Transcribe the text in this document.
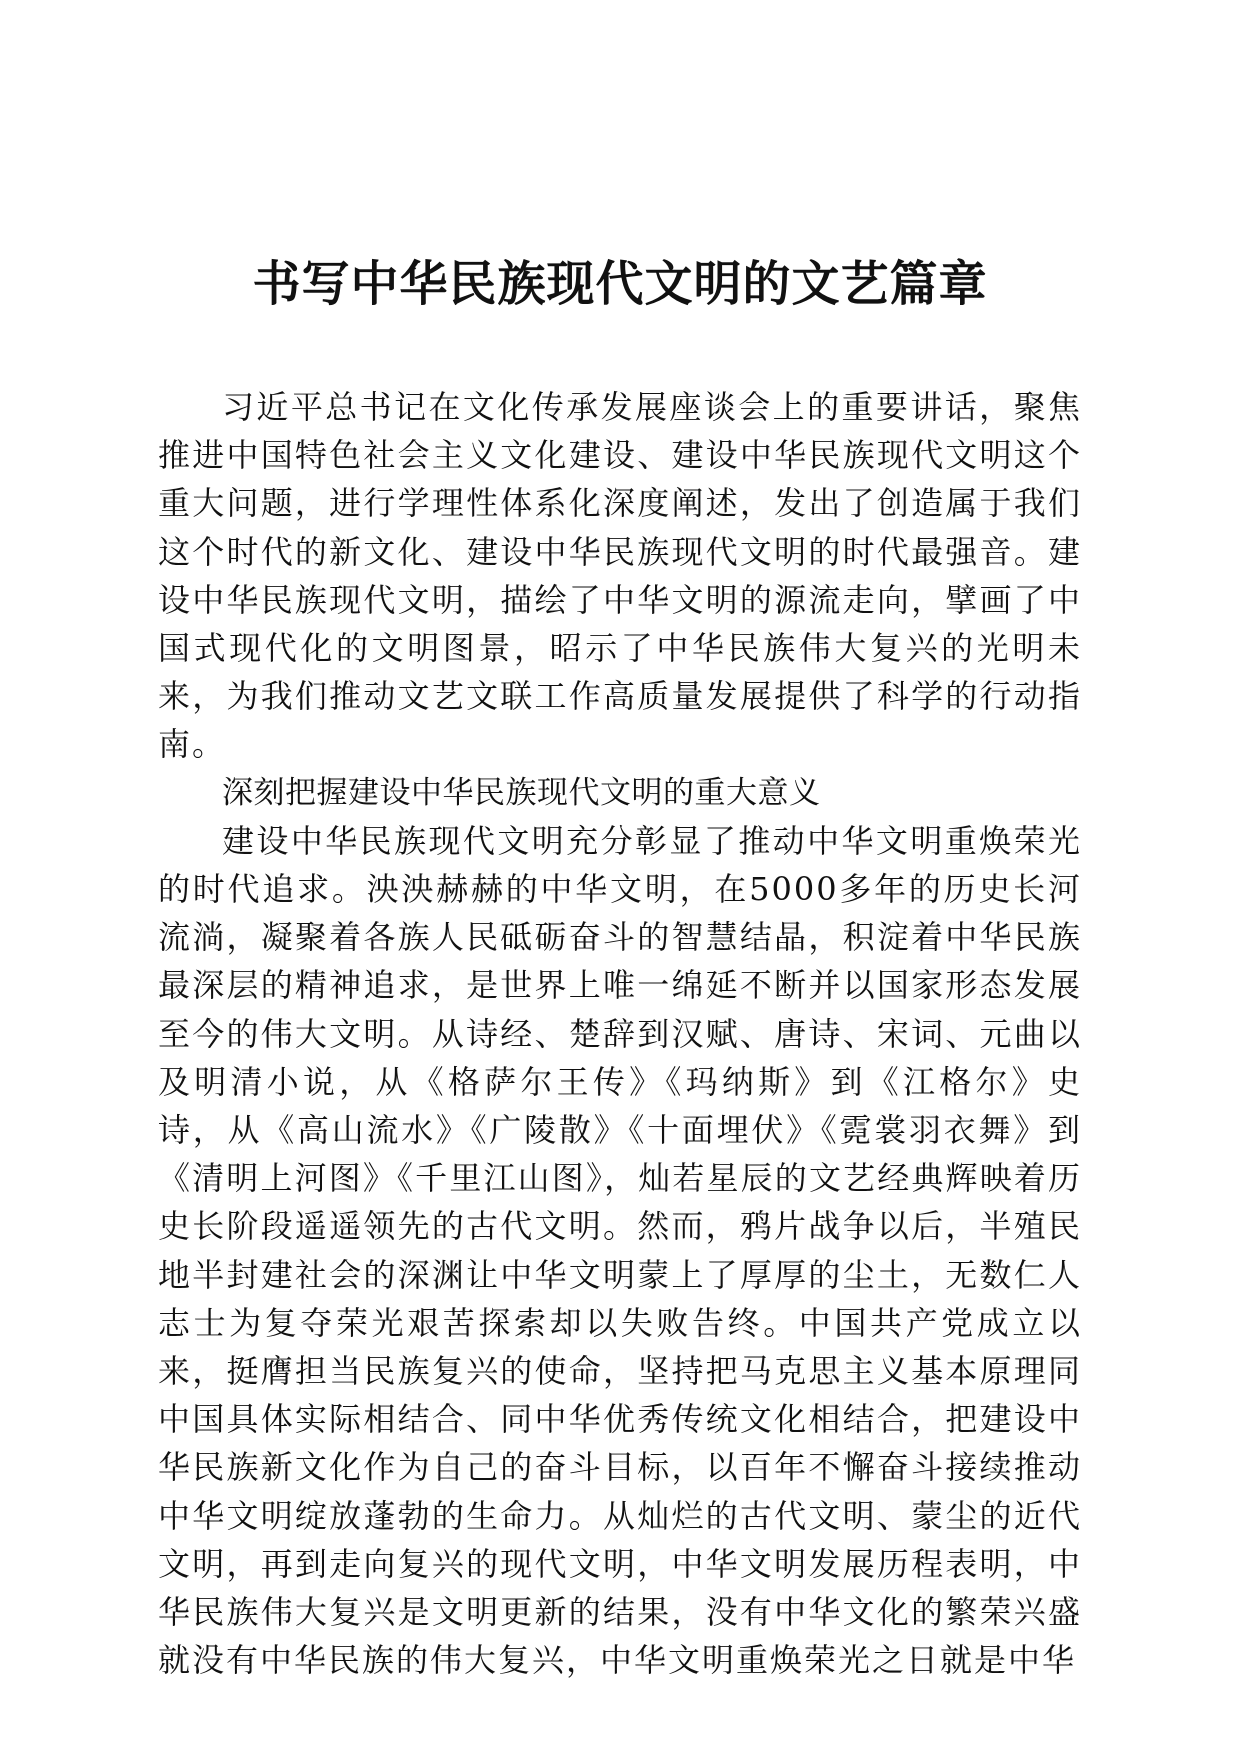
书写中华民族现代文明的文艺篇章

习近平总书记在文化传承发展座谈会上的重要讲话，聚焦推进中国特色社会主义文化建设、建设中华民族现代文明这个重大问题，进行学理性体系化深度阐述，发出了创造属于我们这个时代的新文化、建设中华民族现代文明的时代最强音。建设中华民族现代文明，描绘了中华文明的源流走向，擘画了中国式现代化的文明图景，昭示了中华民族伟大复兴的光明未来，为我们推动文艺文联工作高质量发展提供了科学的行动指南。

深刻把握建设中华民族现代文明的重大意义

建设中华民族现代文明充分彰显了推动中华文明重焕荣光的时代追求。泱泱赫赫的中华文明，在5000多年的历史长河流淌，凝聚着各族人民砥砺奋斗的智慧结晶，积淀着中华民族最深层的精神追求，是世界上唯一绵延不断并以国家形态发展至今的伟大文明。从诗经、楚辞到汉赋、唐诗、宋词、元曲以及明清小说，从《格萨尔王传》《玛纳斯》到《江格尔》史诗，从《高山流水》《广陵散》《十面埋伏》《霓裳羽衣舞》到《清明上河图》《千里江山图》，灿若星辰的文艺经典辉映着历史长阶段遥遥领先的古代文明。然而，鸦片战争以后，半殖民地半封建社会的深渊让中华文明蒙上了厚厚的尘土，无数仁人志士为复夺荣光艰苦探索却以失败告终。中国共产党成立以来，挺膺担当民族复兴的使命，坚持把马克思主义基本原理同中国具体实际相结合、同中华优秀传统文化相结合，把建设中华民族新文化作为自己的奋斗目标，以百年不懈奋斗接续推动中华文明绽放蓬勃的生命力。从灿烂的古代文明、蒙尘的近代文明，再到走向复兴的现代文明，中华文明发展历程表明，中华民族伟大复兴是文明更新的结果，没有中华文化的繁荣兴盛就没有中华民族的伟大复兴，中华文明重焕荣光之日就是中华
